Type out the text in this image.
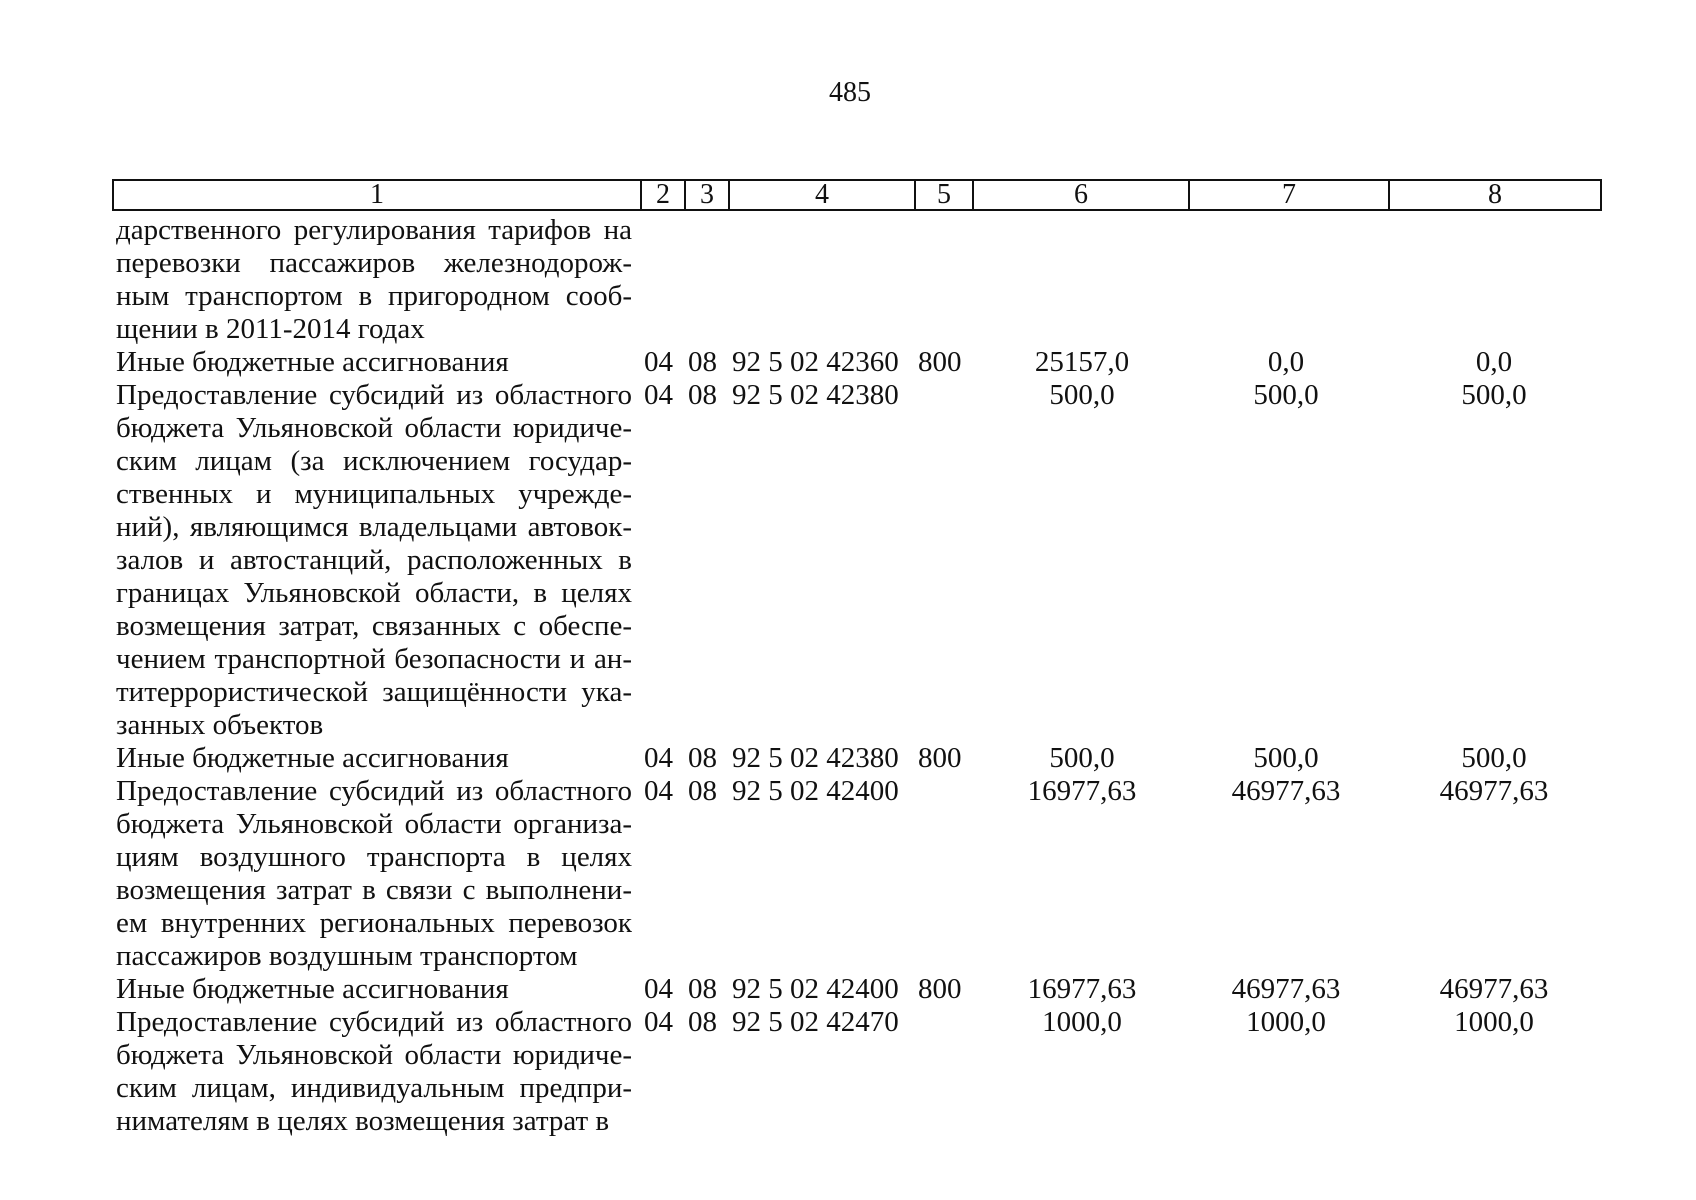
485
1	2	3	4	5	6	7	8
дарственного регулирования тарифов на перевозки пассажиров железнодорож-ным транспортом в пригородном сооб-щении в 2011-2014 годах							
Иные бюджетные ассигнования	04	08	92 5 02 42360	800	25157,0	0,0	0,0
Предоставление субсидий из областного бюджета Ульяновской области юридиче-ским лицам (за исключением государ-ственных и муниципальных учрежде-ний), являющимся владельцами автовок-залов и автостанций, расположенных в границах Ульяновской области, в целях возмещения затрат, связанных с обеспе-чением транспортной безопасности и ан-титеррористической защищённости ука-занных объектов	04	08	92 5 02 42380		500,0	500,0	500,0
Иные бюджетные ассигнования	04	08	92 5 02 42380	800	500,0	500,0	500,0
Предоставление субсидий из областного бюджета Ульяновской области организа-циям воздушного транспорта в целях возмещения затрат в связи с выполнени-ем внутренних региональных перевозок пассажиров воздушным транспортом	04	08	92 5 02 42400		16977,63	46977,63	46977,63
Иные бюджетные ассигнования	04	08	92 5 02 42400	800	16977,63	46977,63	46977,63
Предоставление субсидий из областного бюджета Ульяновской области юридиче-ским лицам, индивидуальным предпри-нимателям в целях возмещения затрат в	04	08	92 5 02 42470		1000,0	1000,0	1000,0
